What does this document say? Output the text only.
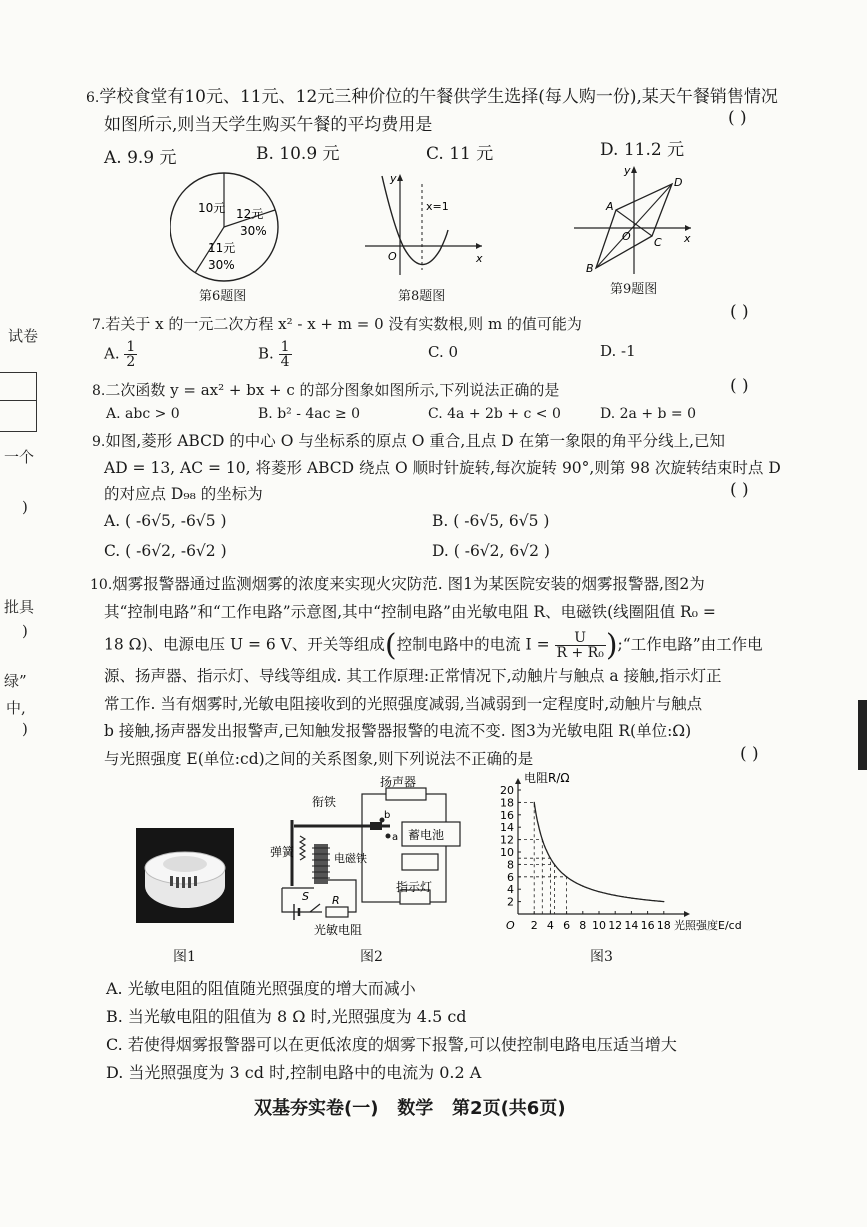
试卷
一个
)
批具
)
绿”
中,
)
6.学校食堂有10元、11元、12元三种价位的午餐供学生选择(每人购一份),某天午餐销售情况
如图所示,则当天学生购买午餐的平均费用是	( )
A. 9.9 元	B. 10.9 元	C. 11 元	D. 11.2 元
10元 12元
30%
11元
30%
第6题图
y
x
O
x=1
第8题图
y
x
O
A
B
C
D
第9题图
7.若关于 x 的一元二次方程 x² - x + m = 0 没有实数根,则 m 的值可能为
( )
A. $\frac{1}{2}$	B. $\frac{1}{4}$	C. 0	D. -1
8.二次函数 y = ax² + bx + c 的部分图象如图所示,下列说法正确的是	( )
A. abc > 0	B. b² - 4ac ≥ 0	C. 4a + 2b + c < 0	D. 2a + b = 0
9.如图,菱形 ABCD 的中心 O 与坐标系的原点 O 重合,且点 D 在第一象限的角平分线上,已知
AD = 13, AC = 10, 将菱形 ABCD 绕点 O 顺时针旋转,每次旋转 90°,则第 98 次旋转结束时点 D
的对应点 D₉₈ 的坐标为	( )
A. ( -6√5, -6√5 )	B. ( -6√5, 6√5 )
C. ( -6√2, -6√2 )	D. ( -6√2, 6√2 )
10.烟雾报警器通过监测烟雾的浓度来实现火灾防范. 图1为某医院安装的烟雾报警器,图2为
其“控制电路”和“工作电路”示意图,其中“控制电路”由光敏电阻 R、电磁铁(线圈阻值 R₀ =
18 Ω)、电源电压 U = 6 V、开关等组成(控制电路中的电流 $I = \frac{U}{\text{R + R₀}}$ );“工作电路”由工作电
源、扬声器、指示灯、导线等组成. 其工作原理:正常情况下,动触片与触点 a 接触,指示灯正
常工作. 当有烟雾时,光敏电阻接收到的光照强度减弱,当减弱到一定程度时,动触片与触点
b 接触,扬声器发出报警声,已知触发报警器报警的电流不变. 图3为光敏电阻 R(单位:Ω)
与光照强度 E(单位:cd)之间的关系图象,则下列说法不正确的是	( )
图1
扬声器
衔铁
蓄电池
弹簧	电磁铁
指示灯
S R
光敏电阻
a
b
图2
2
4
6
8
10
12
14
16
18
20
2 4 6 8 10 12 14 16 18
O
电阻R/Ω
光照强度E/cd
图3
A. 光敏电阻的阻值随光照强度的增大而减小
B. 当光敏电阻的阻值为 8 Ω 时,光照强度为 4.5 cd
C. 若使得烟雾报警器可以在更低浓度的烟雾下报警,可以使控制电路电压适当增大
D. 当光照强度为 3 cd 时,控制电路中的电流为 0.2 A
双基夯实卷(一)   数学   第2页(共6页)
